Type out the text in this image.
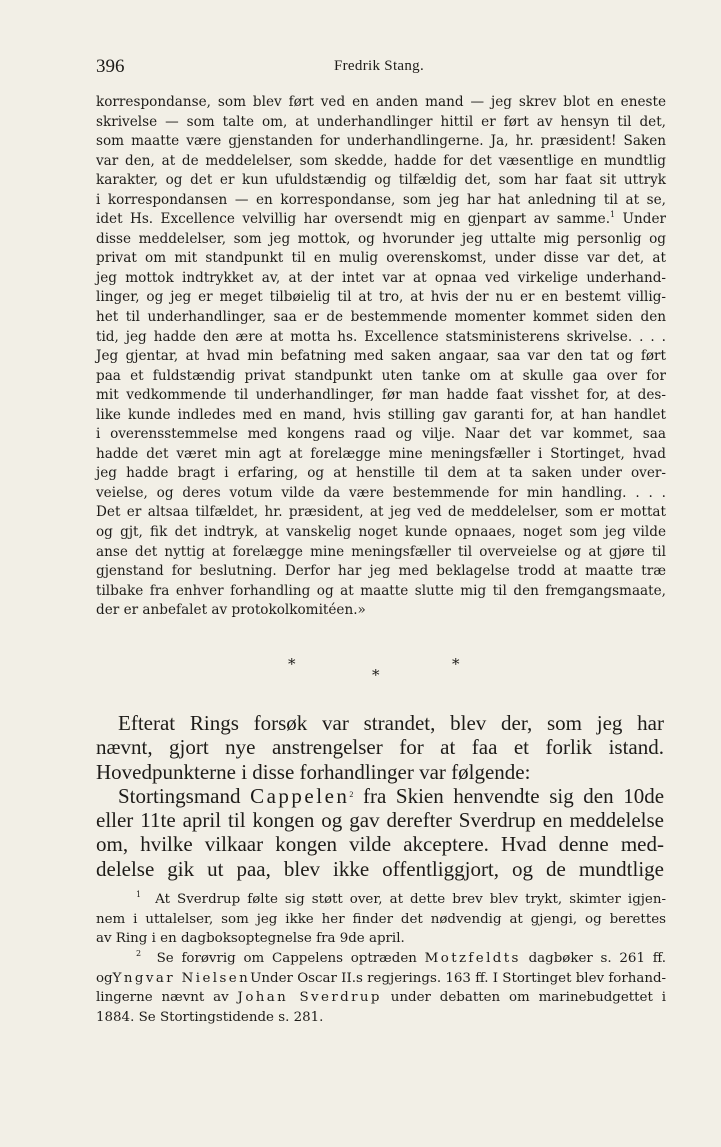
396	Fredrik Stang.
korrespondanse, som blev ført ved en anden mand — jeg skrev blot en eneste
skrivelse — som talte om, at underhandlinger hittil er ført av hensyn til det,
som maatte være gjenstanden for underhandlingerne. Ja, hr. præsident! Saken
var den, at de meddelelser, som skedde, hadde for det væsentlige en mundtlig
karakter, og det er kun ufuldstændig og tilfældig det, som har faat sit uttryk
i korrespondansen — en korrespondanse, som jeg har hat anledning til at se,
idet Hs. Excellence velvillig har oversendt mig en gjenpart av samme.$^1$ Under
disse meddelelser, som jeg mottok, og hvorunder jeg uttalte mig personlig og
privat om mit standpunkt til en mulig overenskomst, under disse var det, at
jeg mottok indtrykket av, at der intet var at opnaa ved virkelige underhand-
linger, og jeg er meget tilbøielig til at tro, at hvis der nu er en bestemt villig-
het til underhandlinger, saa er de bestemmende momenter kommet siden den
tid, jeg hadde den ære at motta hs. Excellence statsministerens skrivelse. . . .
Jeg gjentar, at hvad min befatning med saken angaar, saa var den tat og ført
paa et fuldstændig privat standpunkt uten tanke om at skulle gaa over for
mit vedkommende til underhandlinger, før man hadde faat visshet for, at des-
like kunde indledes med en mand, hvis stilling gav garanti for, at han handlet
i overensstemmelse med kongens raad og vilje. Naar det var kommet, saa
hadde det været min agt at forelægge mine meningsfæller i Stortinget, hvad
jeg hadde bragt i erfaring, og at henstille til dem at ta saken under over-
veielse, og deres votum vilde da være bestemmende for min handling. . . .
Det er altsaa tilfældet, hr. præsident, at jeg ved de meddelelser, som er mottat
og gjt, fik det indtryk, at vanskelig noget kunde opnaaes, noget som jeg vilde
anse det nyttig at forelægge mine meningsfæller til overveielse og at gjøre til
gjenstand for beslutning. Derfor har jeg med beklagelse trodd at maatte træ
tilbake fra enhver forhandling og at maatte slutte mig til den fremgangsmaate,
der er anbefalet av protokolkomitéen.»
*	*
*
Efterat Rings forsøk var strandet, blev der, som jeg har
nævnt, gjort nye anstrengelser for at faa et forlik istand.
Hovedpunkterne i disse forhandlinger var følgende:
Stortingsmand Cappelen$^2$ fra Skien henvendte sig den 10de
eller 11te april til kongen og gav derefter Sverdrup en meddelelse
om, hvilke vilkaar kongen vilde akceptere. Hvad denne med-
delelse gik ut paa, blev ikke offentliggjort, og de mundtlige
$^1$ At Sverdrup følte sig støtt over, at dette brev blev trykt, skimter igjen-
nem i uttalelser, som jeg ikke her finder det nødvendig at gjengi, og berettes
av Ring i en dagboksoptegnelse fra 9de april.
$^2$ Se forøvrig om Cappelens optræden Motzfeldts dagbøker s. 261 ff.
ogYngvar NielsenUnder Oscar II.s regjerings. 163 ff. I Stortinget blev forhand-
lingerne nævnt av Johan Sverdrup under debatten om marinebudgettet i
1884. Se Stortingstidende s. 281.
